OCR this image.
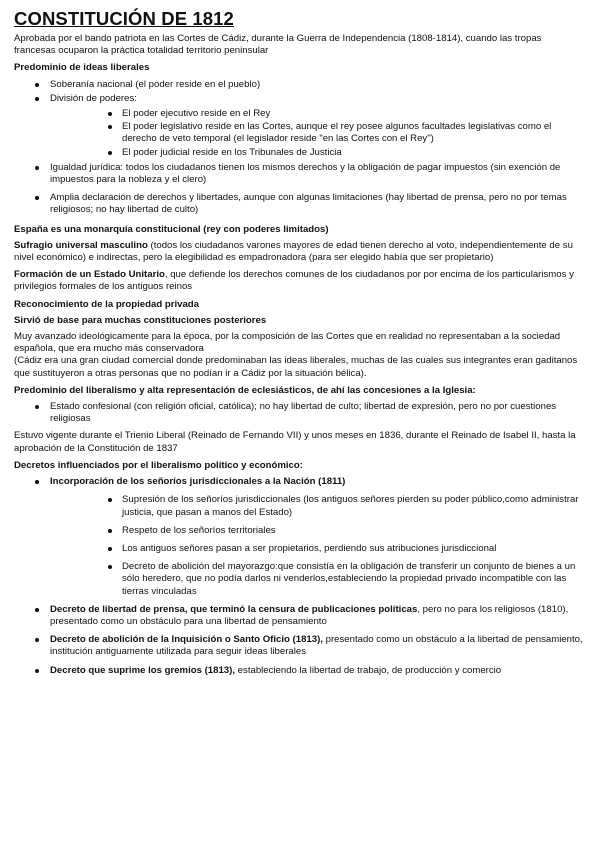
CONSTITUCIÓN DE 1812

Aprobada por el bando patriota en las Cortes de Cádiz, durante la Guerra de Independencia (1808-1814), cuando las tropas francesas ocuparon la práctica totalidad territorio peninsular

Predominio de ideas liberales
Soberanía nacional (el poder reside en el pueblo)
División de poderes:
El poder ejecutivo reside en el Rey
El poder legislativo reside en las Cortes, aunque el rey posee algunos facultades legislativas como el derecho de veto temporal (el legislador reside "en las Cortes con el Rey")
El poder judicial reside en los Tribunales de Justicia
Igualdad jurídica: todos los ciudadanos tienen los mismos derechos y la obligación de pagar impuestos (sin exención de impuestos para la nobleza y el clero)
Amplia declaración de derechos y libertades, aunque con algunas limitaciones (hay libertad de prensa, pero no por temas religiosos; no hay libertad de culto)
España es una monarquía constitucional (rey con poderes limitados)

Sufragio universal masculino (todos los ciudadanos varones mayores de edad tienen derecho al voto, independientemente de su nivel económico) e indirectas, pero la elegibilidad es empadronadora (para ser elegido había que ser propietario)

Formación de un Estado Unitario, que defiende los derechos comunes de los ciudadanos por por encima de los particularismos y privilegios formales de los antiguos reinos

Reconocimiento de la propiedad privada
Sirvió de base para muchas constituciones posteriores

Muy avanzado ideológicamente para la época, por la composición de las Cortes que en realidad no representaban a la sociedad española, que era mucho más conservadora

(Cádiz era una gran ciudad comercial donde predominaban las ideas liberales, muchas de las cuales sus integrantes eran gaditanos que sustituyeron a otras personas que no podían ir a Cádiz por la situación bélica).

Predominio del liberalismo y alta representación de eclesiásticos, de ahí las concesiones a la Iglesia:
Estado confesional (con religión oficial, católica); no hay libertad de culto; libertad de expresión, pero no por cuestiones religiosas

Estuvo vigente durante el Trienio Liberal (Reinado de Fernando VII) y unos meses en 1836, durante el Reinado de Isabel II, hasta la aprobación de la Constitución de 1837

Decretos influenciados por el liberalismo político y económico:
Incorporación de los señoríos jurisdiccionales a la Nación (1811)
Supresión de los señoríos jurisdiccionales (los antiguos señores pierden su poder público,como administrar justicia, que pasan a manos del Estado)
Respeto de los señoríos territoriales
Los antiguos señores pasan a ser propietarios, perdiendo sus atribuciones jurisdiccional
Decreto de abolición del mayorazgo:que consistía en la obligación de transferir un conjunto de bienes a un sólo heredero, que no podía darlos ni venderlos,estableciendo la propiedad privado incompatible con las tierras vinculadas
Decreto de libertad de prensa, que terminó la censura de publicaciones políticas, pero no para los religiosos (1810), presentado como un obstáculo para una libertad de pensamiento
Decreto de abolición de la Inquisición o Santo Oficio (1813), presentado como un obstáculo a la libertad de pensamiento, institución antiguamente utilizada para seguir ideas liberales
Decreto que suprime los gremios (1813), estableciendo la libertad de trabajo, de producción y comercio
